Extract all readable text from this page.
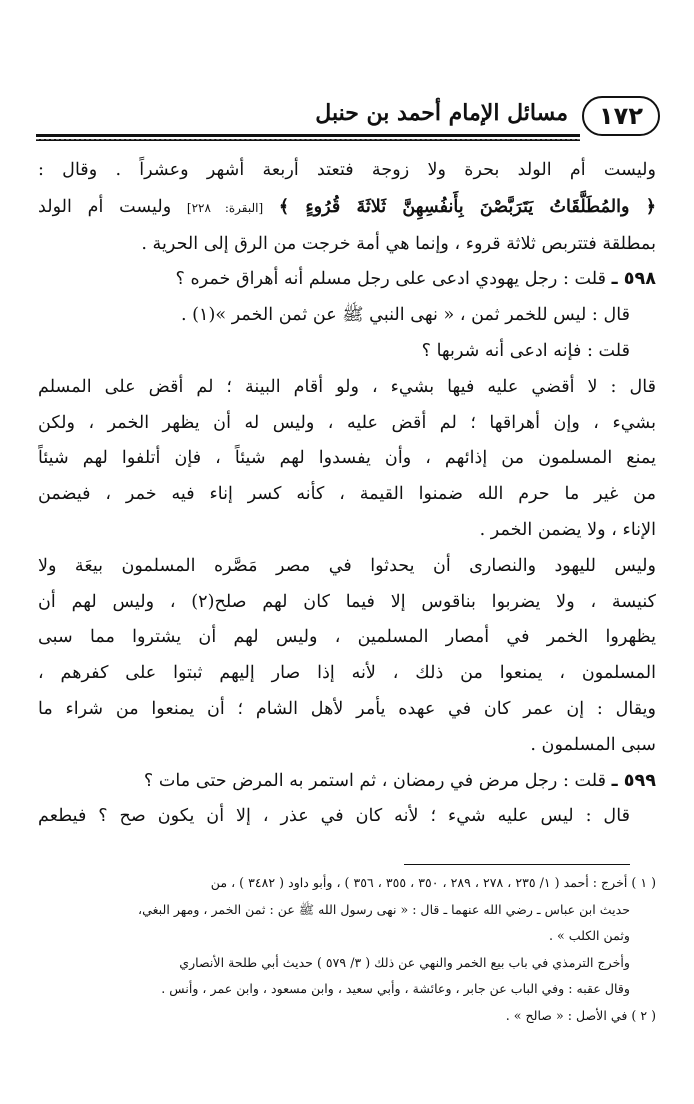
١٧٢
مسائل الإمام أحمد بن حنبل
وليست أم الولد بحرة ولا زوجة فتعتد أربعة أشهر وعشراً . وقال :
﴿ والمُطَلَّقَاتُ يَتَرَبَّصْنَ بِأَنفُسِهِنَّ ثَلاثَةَ قُرُوءٍ ﴾ [البقرة: ٢٢٨] وليست أم الولد
بمطلقة فتتربص ثلاثة قروء ، وإنما هي أمة خرجت من الرق إلى الحرية .
٥٩٨ ـ قلت : رجل يهودي ادعى على رجل مسلم أنه أهراق خمره ؟
قال : ليس للخمر ثمن ، « نهى النبي ﷺ عن ثمن الخمر »(١) .
قلت : فإنه ادعى أنه شربها ؟
قال : لا أقضي عليه فيها بشيء ، ولو أقام البينة ؛ لم أقض على المسلم
بشيء ، وإن أهراقها ؛ لم أقض عليه ، وليس له أن يظهر الخمر ، ولكن
يمنع المسلمون من إذائهم ، وأن يفسدوا لهم شيئاً ، فإن أتلفوا لهم شيئاً
من غير ما حرم الله ضمنوا القيمة ، كأنه كسر إناء فيه خمر ، فيضمن
الإناء ، ولا يضمن الخمر .
وليس لليهود والنصارى أن يحدثوا في مصر مَصَّره المسلمون بيعَة ولا
كنيسة ، ولا يضربوا بناقوس إلا فيما كان لهم صلح(٢) ، وليس لهم أن
يظهروا الخمر في أمصار المسلمين ، وليس لهم أن يشتروا مما سبى
المسلمون ، يمنعوا من ذلك ، لأنه إذا صار إليهم ثبتوا على كفرهم ،
ويقال : إن عمر كان في عهده يأمر لأهل الشام ؛ أن يمنعوا من شراء ما
سبى المسلمون .
٥٩٩ ـ قلت : رجل مرض في رمضان ، ثم استمر به المرض حتى مات ؟
قال : ليس عليه شيء ؛ لأنه كان في عذر ، إلا أن يكون صح ؟ فيطعم
( ١ ) أخرج : أحمد ( ١/ ٢٣٥ ، ٢٧٨ ، ٢٨٩ ، ٣٥٠ ، ٣٥٥ ، ٣٥٦ ) ، وأبو داود ( ٣٤٨٢ ) ، من
حديث ابن عباس ـ رضي الله عنهما ـ قال : « نهى رسول الله ﷺ عن : ثمن الخمر ، ومهر البغي،
وثمن الكلب » .
وأخرج الترمذي في باب بيع الخمر والنهي عن ذلك ( ٣/ ٥٧٩ ) حديث أبي طلحة الأنصاري
وقال عقبه : وفي الباب عن جابر ، وعائشة ، وأبي سعيد ، وابن مسعود ، وابن عمر ، وأنس .
( ٢ ) في الأصل : « صالح » .
